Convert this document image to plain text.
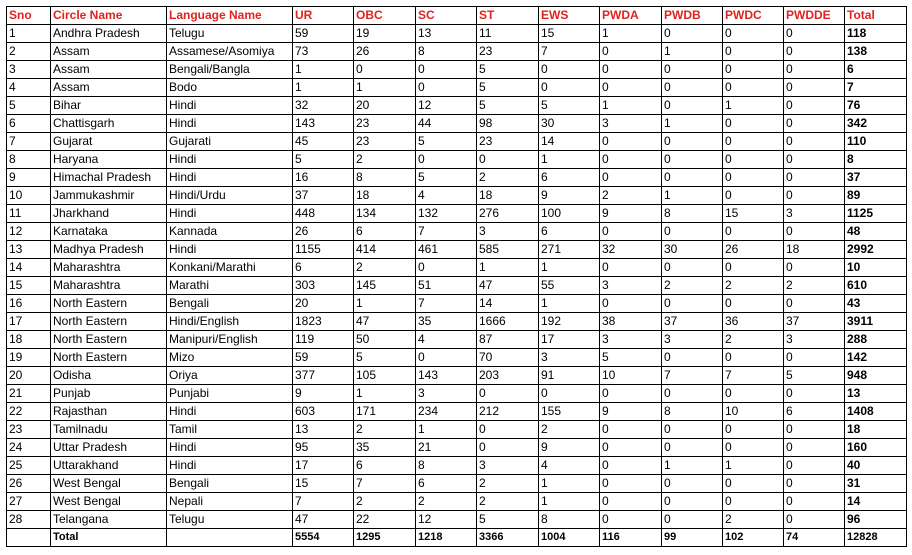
Sno	Circle Name	Language Name	UR	OBC	SC	ST	EWS	PWDA	PWDB	PWDC	PWDDE	Total
1	Andhra Pradesh	Telugu	59	19	13	11	15	1	0	0	0	118
2	Assam	Assamese/Asomiya	73	26	8	23	7	0	1	0	0	138
3	Assam	Bengali/Bangla	1	0	0	5	0	0	0	0	0	6
4	Assam	Bodo	1	1	0	5	0	0	0	0	0	7
5	Bihar	Hindi	32	20	12	5	5	1	0	1	0	76
6	Chattisgarh	Hindi	143	23	44	98	30	3	1	0	0	342
7	Gujarat	Gujarati	45	23	5	23	14	0	0	0	0	110
8	Haryana	Hindi	5	2	0	0	1	0	0	0	0	8
9	Himachal Pradesh	Hindi	16	8	5	2	6	0	0	0	0	37
10	Jammukashmir	Hindi/Urdu	37	18	4	18	9	2	1	0	0	89
11	Jharkhand	Hindi	448	134	132	276	100	9	8	15	3	1125
12	Karnataka	Kannada	26	6	7	3	6	0	0	0	0	48
13	Madhya Pradesh	Hindi	1155	414	461	585	271	32	30	26	18	2992
14	Maharashtra	Konkani/Marathi	6	2	0	1	1	0	0	0	0	10
15	Maharashtra	Marathi	303	145	51	47	55	3	2	2	2	610
16	North Eastern	Bengali	20	1	7	14	1	0	0	0	0	43
17	North Eastern	Hindi/English	1823	47	35	1666	192	38	37	36	37	3911
18	North Eastern	Manipuri/English	119	50	4	87	17	3	3	2	3	288
19	North Eastern	Mizo	59	5	0	70	3	5	0	0	0	142
20	Odisha	Oriya	377	105	143	203	91	10	7	7	5	948
21	Punjab	Punjabi	9	1	3	0	0	0	0	0	0	13
22	Rajasthan	Hindi	603	171	234	212	155	9	8	10	6	1408
23	Tamilnadu	Tamil	13	2	1	0	2	0	0	0	0	18
24	Uttar Pradesh	Hindi	95	35	21	0	9	0	0	0	0	160
25	Uttarakhand	Hindi	17	6	8	3	4	0	1	1	0	40
26	West Bengal	Bengali	15	7	6	2	1	0	0	0	0	31
27	West Bengal	Nepali	7	2	2	2	1	0	0	0	0	14
28	Telangana	Telugu	47	22	12	5	8	0	0	2	0	96
	Total		5554	1295	1218	3366	1004	116	99	102	74	12828
